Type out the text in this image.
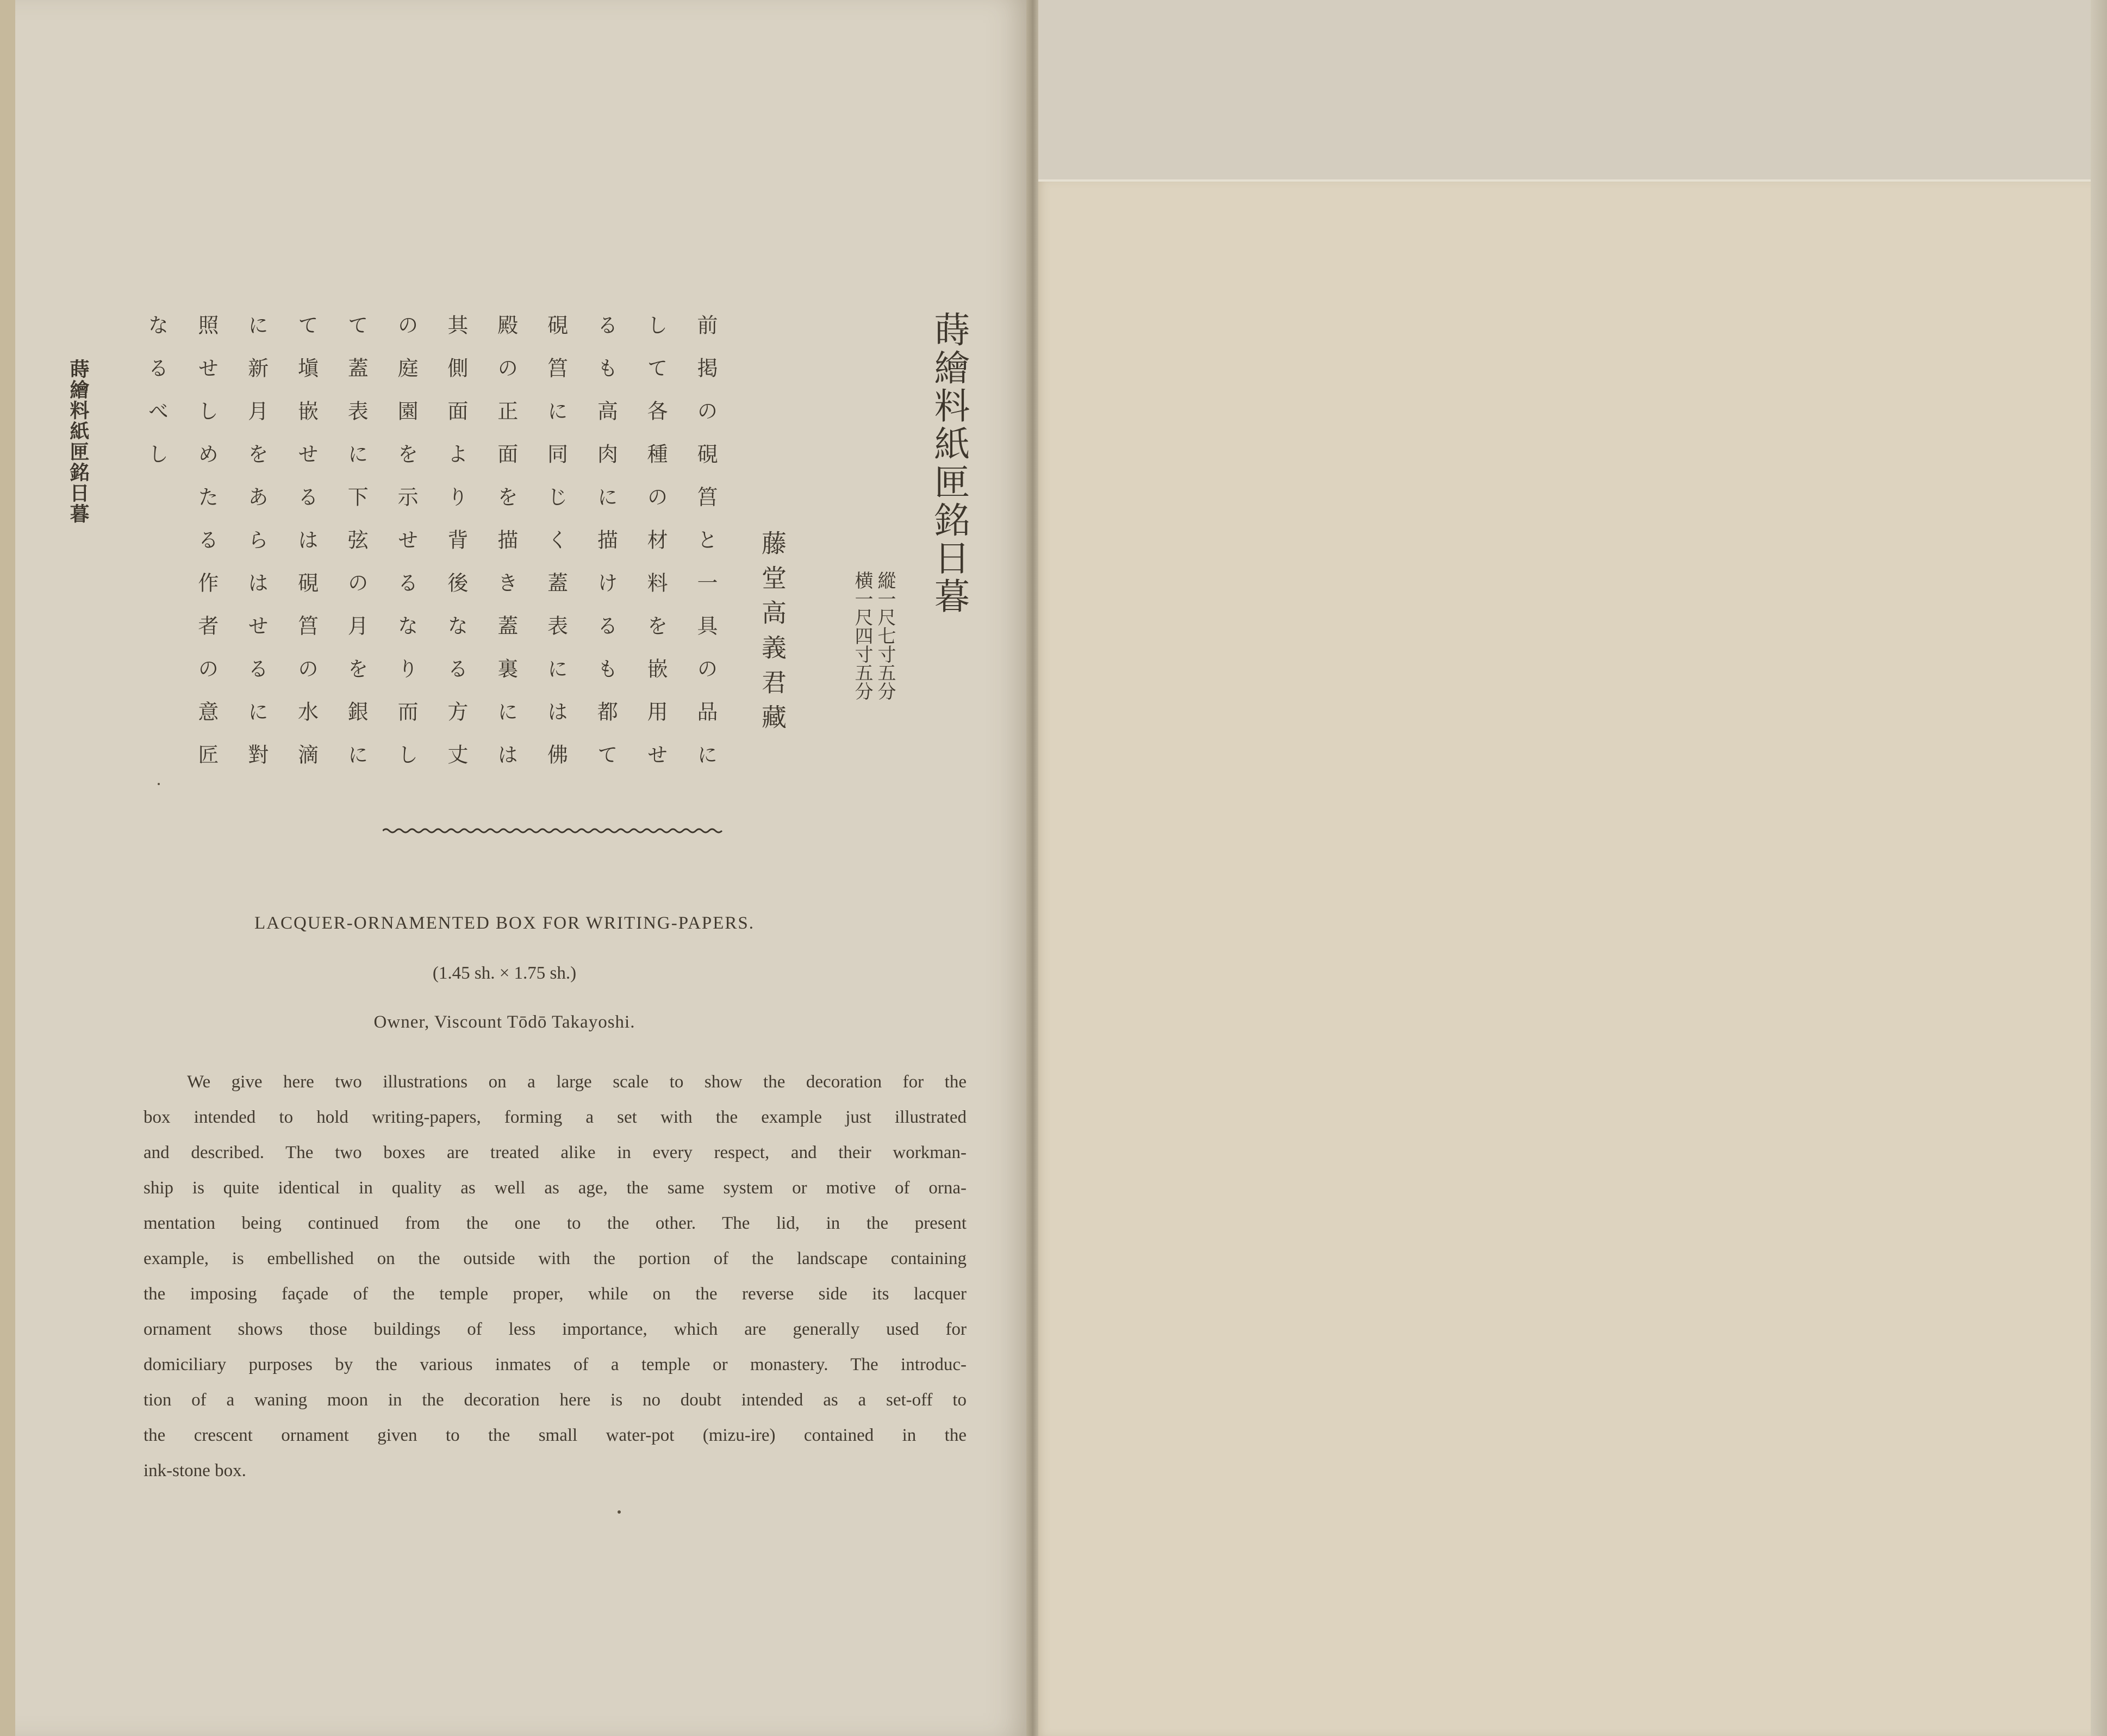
蒔繪料紙匣銘日暮	蒔繪料紙匣銘日暮
縱一尺七寸五分
横一尺四寸五分
藤堂高義君藏
前掲の硯筥と一具の品に
して各種の材料を嵌用せ
るも高肉に描けるも都て
硯筥に同じく蓋表には佛
殿の正面を描き蓋裏には
其側面より背後なる方丈
の庭園を示せるなり而し
て蓋表に下弦の月を銀に
て塡嵌せるは硯筥の水滴
に新月をあらはせるに對
照せしめたる作者の意匠
なるべし
LACQUER-ORNAMENTED BOX FOR WRITING-PAPERS.
(1.45 sh. × 1.75 sh.)
Owner, Viscount Tōdō Takayoshi.
We give here two illustrations on a large scale to show the decoration for the
box intended to hold writing-papers, forming a set with the example just illustrated
and described. The two boxes are treated alike in every respect, and their workman-
ship is quite identical in quality as well as age, the same system or motive of orna-
mentation being continued from the one to the other. The lid, in the present
example, is embellished on the outside with the portion of the landscape containing
the imposing façade of the temple proper, while on the reverse side its lacquer
ornament shows those buildings of less importance, which are generally used for
domiciliary purposes by the various inmates of a temple or monastery. The introduc-
tion of a waning moon in the decoration here is no doubt intended as a set-off to
the crescent ornament given to the small water-pot (mizu-ire) contained in the
ink-stone box.
